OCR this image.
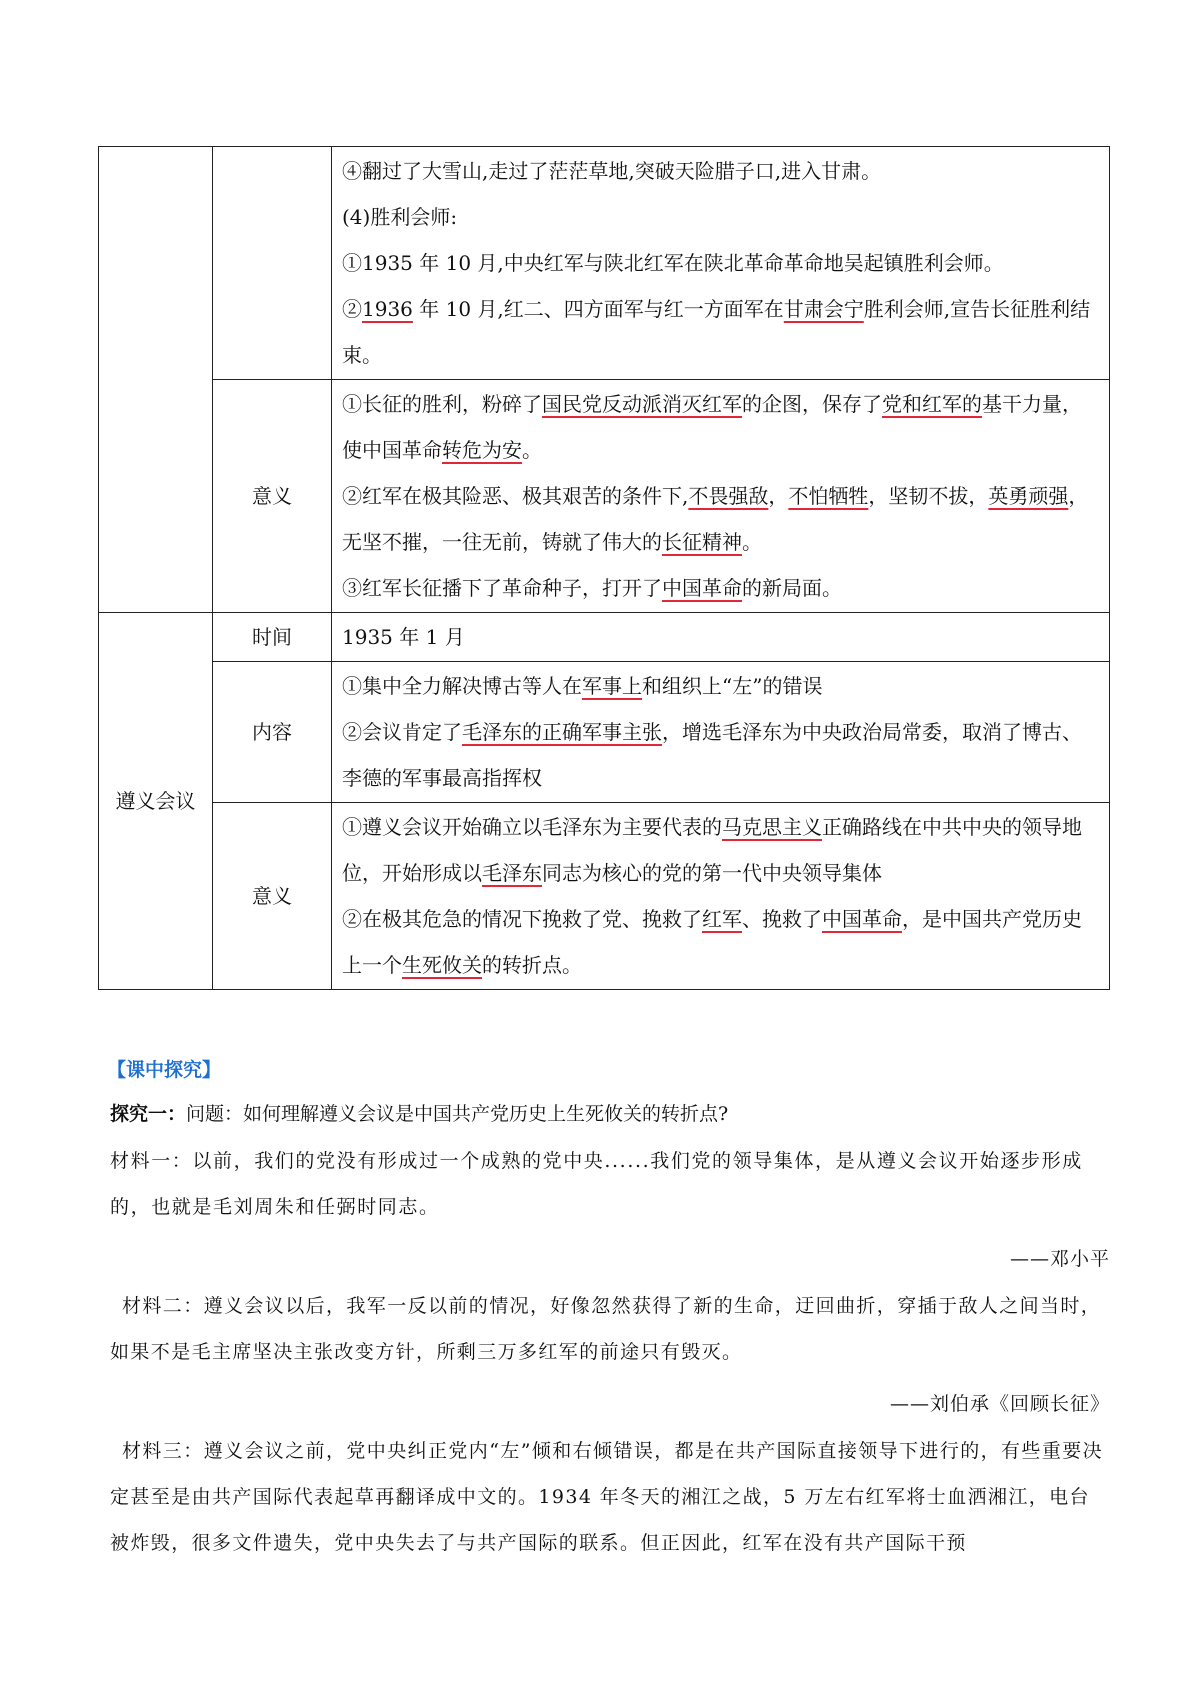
		④翻过了大雪山,走过了茫茫草地,突破天险腊子口,进入甘肃。

(4)胜利会师:

①1935 年 10 月,中央红军与陕北红军在陕北革命革命地吴起镇胜利会师。

②1936 年 10 月,红二、四方面军与红一方面军在甘肃会宁胜利会师,宣告长征胜利结束。

	意义	①长征的胜利，粉碎了国民党反动派消灭红军的企图，保存了党和红军的基干力量，使中国革命转危为安。

②红军在极其险恶、极其艰苦的条件下,不畏强敌，不怕牺牲，坚韧不拔，英勇顽强，无坚不摧，一往无前，铸就了伟大的长征精神。

③红军长征播下了革命种子，打开了中国革命的新局面。

遵义会议	时间	1935 年 1 月
	内容	①集中全力解决博古等人在军事上和组织上“左”的错误

②会议肯定了毛泽东的正确军事主张，增选毛泽东为中央政治局常委，取消了博古、李德的军事最高指挥权

	意义	①遵义会议开始确立以毛泽东为主要代表的马克思主义正确路线在中共中央的领导地位，开始形成以毛泽东同志为核心的党的第一代中央领导集体

②在极其危急的情况下挽救了党、挽救了红军、挽救了中国革命，是中国共产党历史上一个生死攸关的转折点。

【课中探究】

探究一：问题：如何理解遵义会议是中国共产党历史上生死攸关的转折点?

材料一：以前，我们的党没有形成过一个成熟的党中央......我们党的领导集体，是从遵义会议开始逐步形成的，也就是毛刘周朱和任弼时同志。

——邓小平

材料二：遵义会议以后，我军一反以前的情况，好像忽然获得了新的生命，迂回曲折，穿插于敌人之间当时，如果不是毛主席坚决主张改变方针，所剩三万多红军的前途只有毁灭。

——刘伯承《回顾长征》

材料三：遵义会议之前，党中央纠正党内“左”倾和右倾错误，都是在共产国际直接领导下进行的，有些重要决定甚至是由共产国际代表起草再翻译成中文的。1934 年冬天的湘江之战，5 万左右红军将士血洒湘江，电台被炸毁，很多文件遗失，党中央失去了与共产国际的联系。但正因此，红军在没有共产国际干预
